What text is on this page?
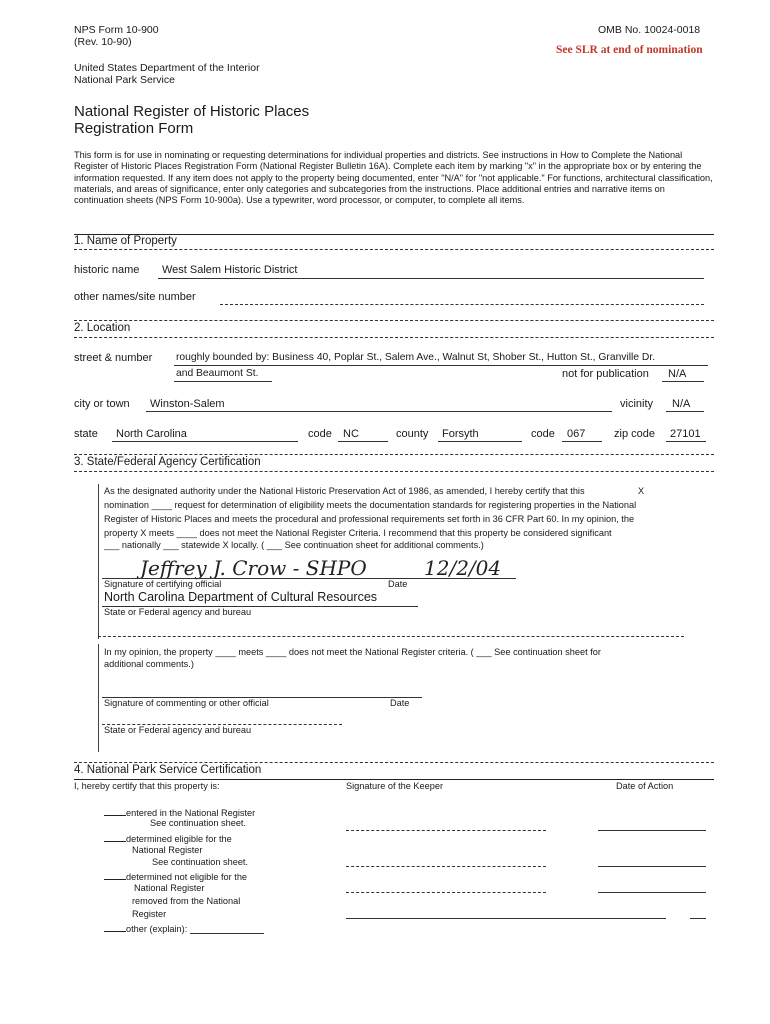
NPS Form 10-900
(Rev. 10-90)
OMB No. 10024-0018
See SLR at end of nomination
United States Department of the Interior
National Park Service
National Register of Historic Places
Registration Form
This form is for use in nominating or requesting determinations for individual properties and districts. See instructions in How to Complete the National Register of Historic Places Registration Form (National Register Bulletin 16A). Complete each item by marking "x" in the appropriate box or by entering the information requested. If any item does not apply to the property being documented, enter "N/A" for "not applicable." For functions, architectural classification, materials, and areas of significance, enter only categories and subcategories from the instructions. Place additional entries and narrative items on continuation sheets (NPS Form 10-900a). Use a typewriter, word processor, or computer, to complete all items.
1. Name of Property
historic name West Salem Historic District
other names/site number
2. Location
street & number roughly bounded by: Business 40, Poplar St., Salem Ave., Walnut St, Shober St., Hutton St., Granville Dr.
and Beaumont St.	not for publication N/A
city or town Winston-Salem	vicinity N/A
state North Carolina	code NC	county Forsyth	code 067	zip code 27101
3. State/Federal Agency Certification
As the designated authority under the National Historic Preservation Act of 1986, as amended, I hereby certify that this	X
nomination ____ request for determination of eligibility meets the documentation standards for registering properties in the National
Register of Historic Places and meets the procedural and professional requirements set forth in 36 CFR Part 60. In my opinion, the
property X meets ____ does not meet the National Register Criteria. I recommend that this property be considered significant
___ nationally ___ statewide X locally. ( ___ See continuation sheet for additional comments.)
Jeffrey J. Crow - SHPO	12/2/04
Signature of certifying official	Date
North Carolina Department of Cultural Resources
State or Federal agency and bureau
In my opinion, the property ____ meets ____ does not meet the National Register criteria. ( ___ See continuation sheet for
additional comments.)
Signature of commenting or other official	Date
State or Federal agency and bureau
4. National Park Service Certification
I, hereby certify that this property is:	Signature of the Keeper	Date of Action
entered in the National Register
See continuation sheet.
determined eligible for the
National Register
See continuation sheet.
determined not eligible for the
National Register
removed from the National
Register
other (explain):
